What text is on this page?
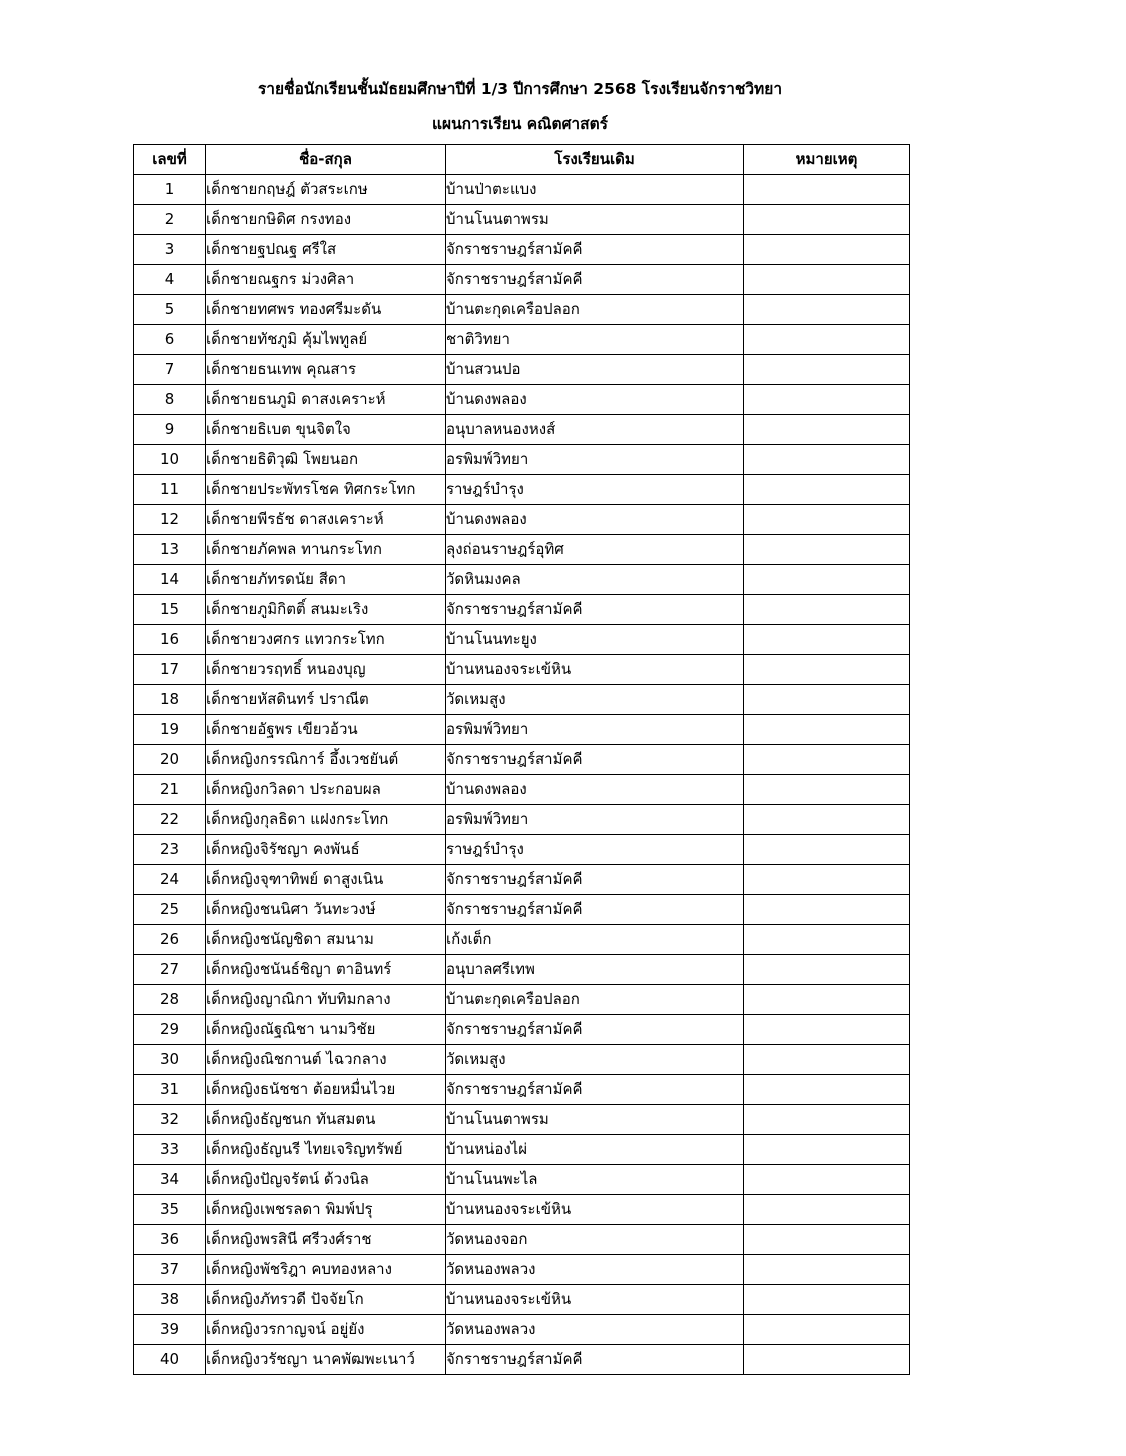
รายชื่อนักเรียนชั้นมัธยมศึกษาปีที่ 1/3 ปีการศึกษา 2568 โรงเรียนจักราชวิทยา
แผนการเรียน คณิตศาสตร์
เลขที่	ชื่อ-สกุล	โรงเรียนเดิม	หมายเหตุ
1	เด็กชายกฤษฎ์ ตัวสระเกษ	บ้านป่าตะแบง	
2	เด็กชายกษิดิศ กรงทอง	บ้านโนนตาพรม	
3	เด็กชายฐปณฐ ศรีใส	จักราชราษฎร์สามัคคี	
4	เด็กชายณฐกร ม่วงศิลา	จักราชราษฎร์สามัคคี	
5	เด็กชายทศพร ทองศรีมะดัน	บ้านตะกุดเครือปลอก	
6	เด็กชายทัชภูมิ คุ้มไพทูลย์	ชาติวิทยา	
7	เด็กชายธนเทพ คุณสาร	บ้านสวนปอ	
8	เด็กชายธนภูมิ ดาสงเคราะห์	บ้านดงพลอง	
9	เด็กชายธิเบต ขุนจิตใจ	อนุบาลหนองหงส์	
10	เด็กชายธิติวุฒิ โพยนอก	อรพิมพ์วิทยา	
11	เด็กชายประพัทรโชค ทิศกระโทก	ราษฎร์บำรุง	
12	เด็กชายพีรธัช ดาสงเคราะห์	บ้านดงพลอง	
13	เด็กชายภัคพล ทานกระโทก	ลุงถ่อนราษฎร์อุทิศ	
14	เด็กชายภัทรดนัย สีดา	วัดหินมงคล	
15	เด็กชายภูมิกิตติ์ สนมะเริง	จักราชราษฎร์สามัคคี	
16	เด็กชายวงศกร แทวกระโทก	บ้านโนนทะยูง	
17	เด็กชายวรฤทธิ์ หนองบุญ	บ้านหนองจระเข้หิน	
18	เด็กชายหัสดินทร์ ปราณีต	วัดเหมสูง	
19	เด็กชายอัฐพร เขียวอ้วน	อรพิมพ์วิทยา	
20	เด็กหญิงกรรณิการ์ อึ้งเวชยันต์	จักราชราษฎร์สามัคคี	
21	เด็กหญิงกวิลดา ประกอบผล	บ้านดงพลอง	
22	เด็กหญิงกุลธิดา แฝงกระโทก	อรพิมพ์วิทยา	
23	เด็กหญิงจิรัชญา คงพันธ์	ราษฎร์บำรุง	
24	เด็กหญิงจุฑาทิพย์ ดาสูงเนิน	จักราชราษฎร์สามัคคี	
25	เด็กหญิงชนนิศา วันทะวงษ์	จักราชราษฎร์สามัคคี	
26	เด็กหญิงชนัญชิดา สมนาม	เก้งเต็ก	
27	เด็กหญิงชนันธ์ชิญา ตาอินทร์	อนุบาลศรีเทพ	
28	เด็กหญิงญาณิกา ทับทิมกลาง	บ้านตะกุดเครือปลอก	
29	เด็กหญิงณัฐณิชา นามวิชัย	จักราชราษฎร์สามัคคี	
30	เด็กหญิงณิชกานต์ ไฉวกลาง	วัดเหมสูง	
31	เด็กหญิงธนัชชา ต้อยหมื่นไวย	จักราชราษฎร์สามัคคี	
32	เด็กหญิงธัญชนก ทันสมตน	บ้านโนนตาพรม	
33	เด็กหญิงธัญนรี ไทยเจริญทรัพย์	บ้านหน่องไผ่	
34	เด็กหญิงปัญจรัตน์ ด้วงนิล	บ้านโนนพะไล	
35	เด็กหญิงเพชรลดา พิมพ์ปรุ	บ้านหนองจระเข้หิน	
36	เด็กหญิงพรสินี ศรีวงศ์ราช	วัดหนองจอก	
37	เด็กหญิงพัชริฎา คบทองหลาง	วัดหนองพลวง	
38	เด็กหญิงภัทรวดี ปัจจัยโก	บ้านหนองจระเข้หิน	
39	เด็กหญิงวรกาญจน์ อยู่ยัง	วัดหนองพลวง	
40	เด็กหญิงวรัชญา นาคพัฒพะเนาว์	จักราชราษฎร์สามัคคี	
